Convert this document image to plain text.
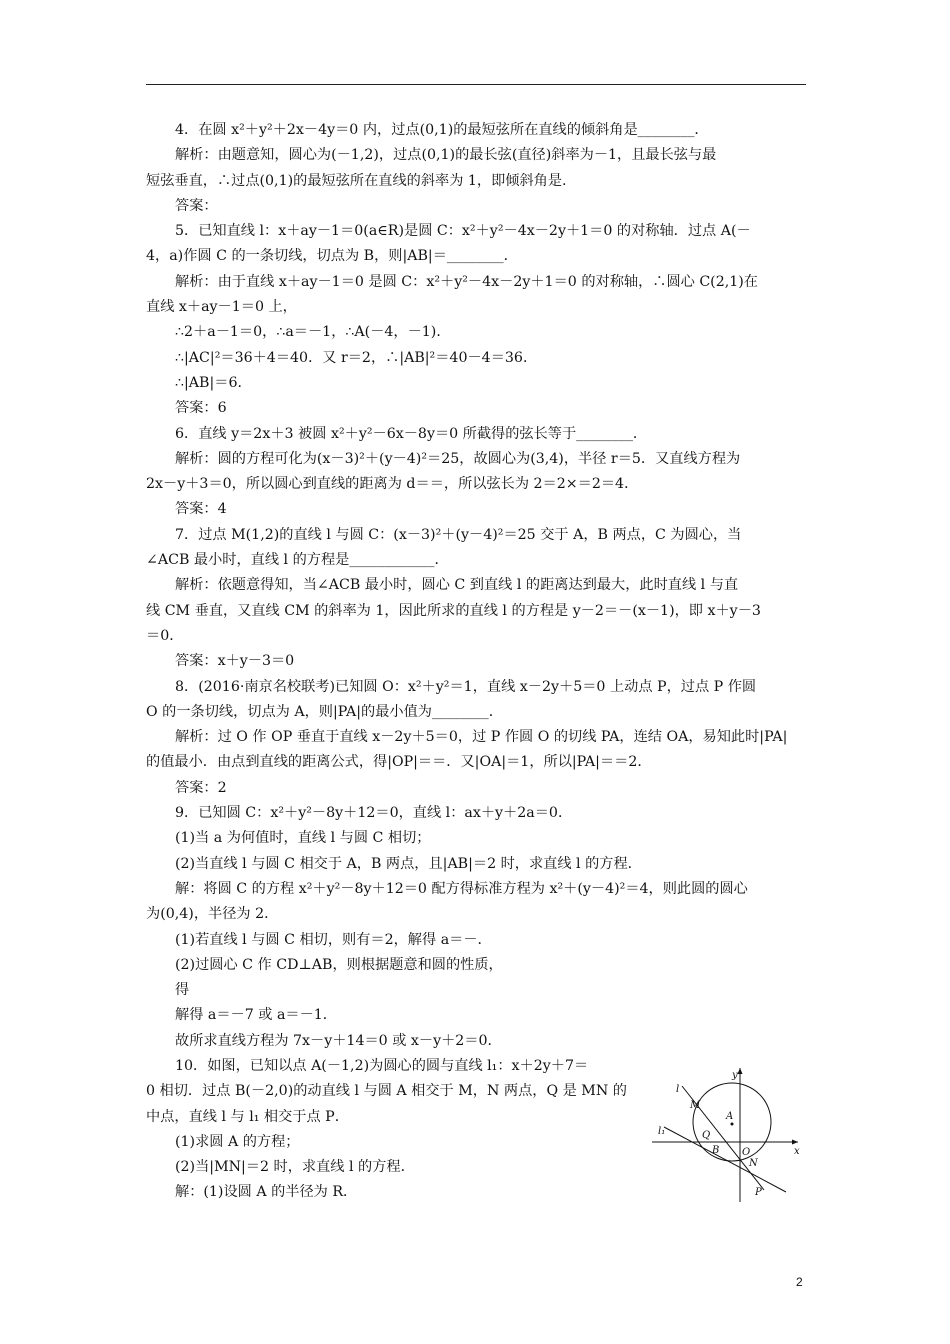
4．在圆 x²＋y²＋2x－4y＝0 内，过点(0,1)的最短弦所在直线的倾斜角是________．
解析：由题意知，圆心为(－1,2)，过点(0,1)的最长弦(直径)斜率为－1，且最长弦与最
短弦垂直，∴过点(0,1)的最短弦所在直线的斜率为 1，即倾斜角是.
答案：
5．已知直线 l：x＋ay－1＝0(a∈R)是圆 C：x²＋y²－4x－2y＋1＝0 的对称轴．过点 A(－
4，a)作圆 C 的一条切线，切点为 B，则|AB|＝________．
解析：由于直线 x＋ay－1＝0 是圆 C：x²＋y²－4x－2y＋1＝0 的对称轴，∴圆心 C(2,1)在
直线 x＋ay－1＝0 上，
∴2＋a－1＝0，∴a＝－1，∴A(－4，－1)．
∴|AC|²＝36＋4＝40．又 r＝2，∴|AB|²＝40－4＝36．
∴|AB|＝6．
答案：6
6．直线 y＝2x＋3 被圆 x²＋y²－6x－8y＝0 所截得的弦长等于________．
解析：圆的方程可化为(x－3)²＋(y－4)²＝25，故圆心为(3,4)，半径 r＝5．又直线方程为
2x－y＋3＝0，所以圆心到直线的距离为 d＝＝，所以弦长为 2＝2×＝2＝4．
答案：4
7．过点 M(1,2)的直线 l 与圆 C：(x－3)²＋(y－4)²＝25 交于 A，B 两点，C 为圆心，当
∠ACB 最小时，直线 l 的方程是____________．
解析：依题意得知，当∠ACB 最小时，圆心 C 到直线 l 的距离达到最大，此时直线 l 与直
线 CM 垂直，又直线 CM 的斜率为 1，因此所求的直线 l 的方程是 y－2＝－(x－1)，即 x＋y－3
＝0．
答案：x＋y－3＝0
8．(2016·南京名校联考)已知圆 O：x²＋y²＝1，直线 x－2y＋5＝0 上动点 P，过点 P 作圆
O 的一条切线，切点为 A，则|PA|的最小值为________．
解析：过 O 作 OP 垂直于直线 x－2y＋5＝0，过 P 作圆 O 的切线 PA，连结 OA，易知此时|PA|
的值最小．由点到直线的距离公式，得|OP|＝＝．又|OA|＝1，所以|PA|＝＝2．
答案：2
9．已知圆 C：x²＋y²－8y＋12＝0，直线 l：ax＋y＋2a＝0．
(1)当 a 为何值时，直线 l 与圆 C 相切；
(2)当直线 l 与圆 C 相交于 A，B 两点，且|AB|＝2 时，求直线 l 的方程．
解：将圆 C 的方程 x²＋y²－8y＋12＝0 配方得标准方程为 x²＋(y－4)²＝4，则此圆的圆心
为(0,4)，半径为 2．
(1)若直线 l 与圆 C 相切，则有＝2，解得 a＝－．
(2)过圆心 C 作 CD⊥AB，则根据题意和圆的性质，
得
解得 a＝－7 或 a＝－1．
故所求直线方程为 7x－y＋14＝0 或 x－y＋2＝0．
10．如图，已知以点 A(－1,2)为圆心的圆与直线 l₁：x＋2y＋7＝
0 相切．过点 B(－2,0)的动直线 l 与圆 A 相交于 M，N 两点，Q 是 MN 的
中点，直线 l 与 l₁ 相交于点 P．
(1)求圆 A 的方程；
(2)当|MN|＝2 时，求直线 l 的方程．
解：(1)设圆 A 的半径为 R．
y
x
l
M
A
l₁	Q
B O
N
P
2
